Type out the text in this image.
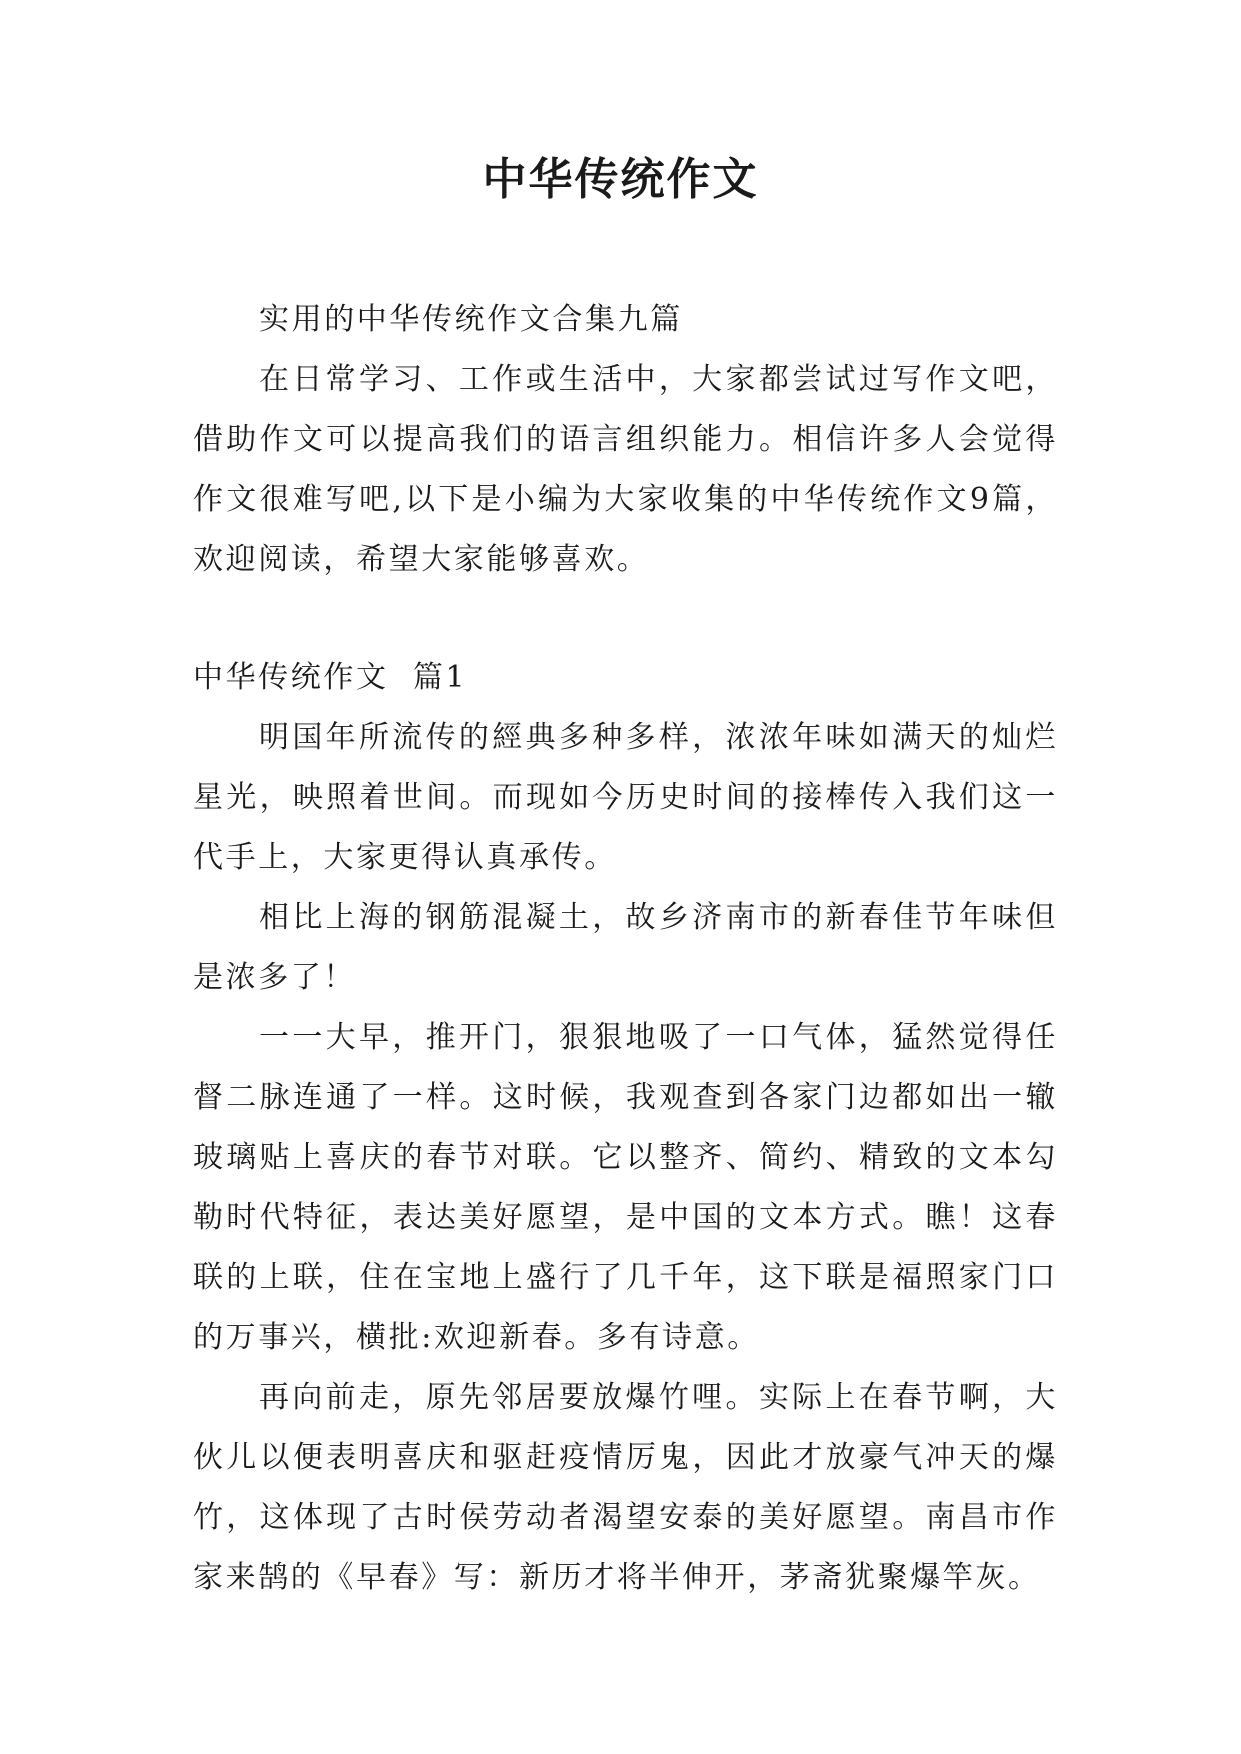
中华传统作文

实用的中华传统作文合集九篇

在日常学习、工作或生活中，大家都尝试过写作文吧，借助作文可以提高我们的语言组织能力。相信许多人会觉得作文很难写吧,以下是小编为大家收集的中华传统作文9篇，欢迎阅读，希望大家能够喜欢。

中华传统作文  篇1

明国年所流传的經典多种多样，浓浓年味如满天的灿烂星光，映照着世间。而现如今历史时间的接棒传入我们这一代手上，大家更得认真承传。

相比上海的钢筋混凝土，故乡济南市的新春佳节年味但是浓多了！

一一大早，推开门，狠狠地吸了一口气体，猛然觉得任督二脉连通了一样。这时候，我观查到各家门边都如出一辙玻璃贴上喜庆的春节对联。它以整齐、简约、精致的文本勾勒时代特征，表达美好愿望，是中国的文本方式。瞧！这春联的上联，住在宝地上盛行了几千年，这下联是福照家门口的万事兴，横批:欢迎新春。多有诗意。

再向前走，原先邻居要放爆竹哩。实际上在春节啊，大伙儿以便表明喜庆和驱赶疫情厉鬼，因此才放豪气冲天的爆竹，这体现了古时侯劳动者渴望安泰的美好愿望。南昌市作家来鹄的《早春》写：新历才将半伸开，茅斋犹聚爆竿灰。
